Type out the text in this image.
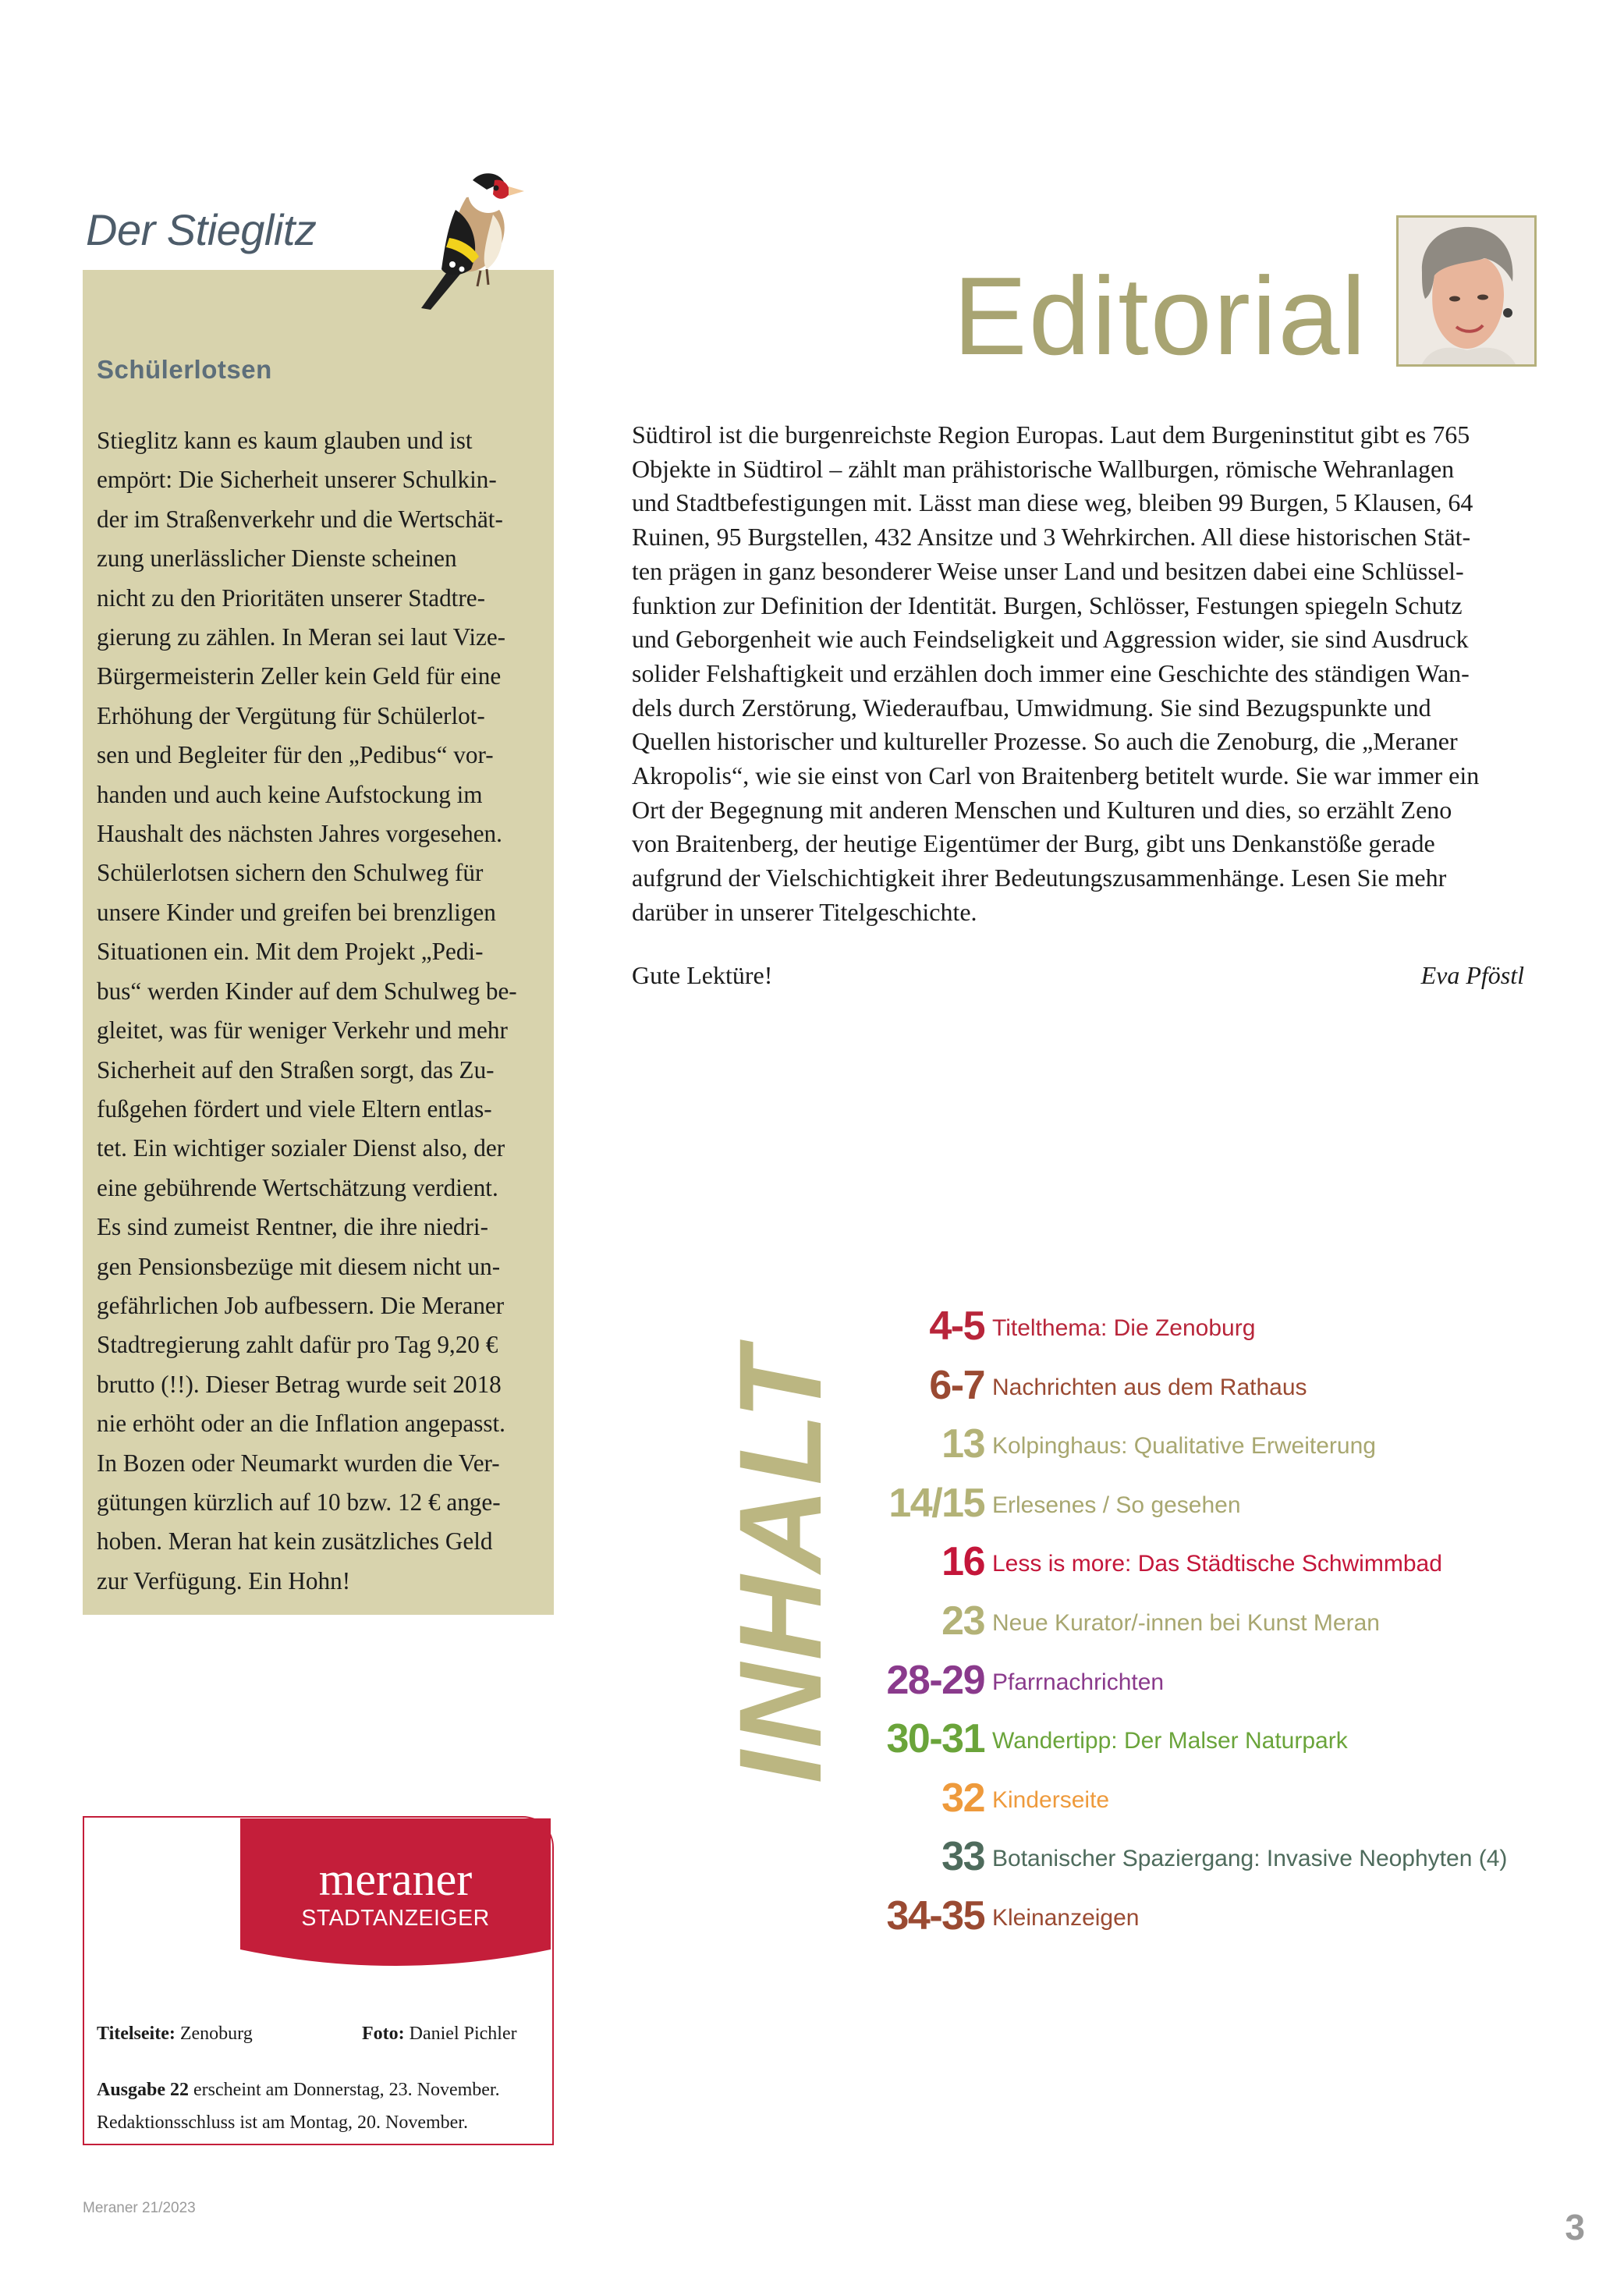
Der Stieglitz
Schülerlotsen
Stieglitz kann es kaum glauben und ist
empört: Die Sicherheit unserer Schulkin-
der im Straßenverkehr und die Wertschät-
zung unerlässlicher Dienste scheinen
nicht zu den Prioritäten unserer Stadtre-
gierung zu zählen. In Meran sei laut Vize-
Bürgermeisterin Zeller kein Geld für eine
Erhöhung der Vergütung für Schülerlot-
sen und Begleiter für den „Pedibus“ vor-
handen und auch keine Aufstockung im
Haushalt des nächsten Jahres vorgesehen.
Schülerlotsen sichern den Schulweg für
unsere Kinder und greifen bei brenzligen
Situationen ein. Mit dem Projekt „Pedi-
bus“ werden Kinder auf dem Schulweg be-
gleitet, was für weniger Verkehr und mehr
Sicherheit auf den Straßen sorgt, das Zu-
fußgehen fördert und viele Eltern entlas-
tet. Ein wichtiger sozialer Dienst also, der
eine gebührende Wertschätzung verdient.
Es sind zumeist Rentner, die ihre niedri-
gen Pensionsbezüge mit diesem nicht un-
gefährlichen Job aufbessern. Die Meraner
Stadtregierung zahlt dafür pro Tag 9,20 €
brutto (!!). Dieser Betrag wurde seit 2018
nie erhöht oder an die Inflation angepasst.
In Bozen oder Neumarkt wurden die Ver-
gütungen kürzlich auf 10 bzw. 12 € ange-
hoben. Meran hat kein zusätzliches Geld
zur Verfügung. Ein Hohn!
Editorial
Südtirol ist die burgenreichste Region Europas. Laut dem Burgeninstitut gibt es 765
Objekte in Südtirol – zählt man prähistorische Wallburgen, römische Wehranlagen
und Stadtbefestigungen mit. Lässt man diese weg, bleiben 99 Burgen, 5 Klausen, 64
Ruinen, 95 Burgstellen, 432 Ansitze und 3 Wehrkirchen. All diese historischen Stät-
ten prägen in ganz besonderer Weise unser Land und besitzen dabei eine Schlüssel-
funktion zur Definition der Identität. Burgen, Schlösser, Festungen spiegeln Schutz
und Geborgenheit wie auch Feindseligkeit und Aggression wider, sie sind Ausdruck
solider Felshaftigkeit und erzählen doch immer eine Geschichte des ständigen Wan-
dels durch Zerstörung, Wiederaufbau, Umwidmung. Sie sind Bezugspunkte und
Quellen historischer und kultureller Prozesse. So auch die Zenoburg, die „Meraner
Akropolis“, wie sie einst von Carl von Braitenberg betitelt wurde. Sie war immer ein
Ort der Begegnung mit anderen Menschen und Kulturen und dies, so erzählt Zeno
von Braitenberg, der heutige Eigentümer der Burg, gibt uns Denkanstöße gerade
aufgrund der Vielschichtigkeit ihrer Bedeutungszusammenhänge. Lesen Sie mehr
darüber in unserer Titelgeschichte.
Gute Lektüre!	Eva Pföstl
INHALT
4-5 Titelthema: Die Zenoburg
6-7 Nachrichten aus dem Rathaus
13 Kolpinghaus: Qualitative Erweiterung
14/15 Erlesenes / So gesehen
16 Less is more: Das Städtische Schwimmbad
23 Neue Kurator/-innen bei Kunst Meran
28-29 Pfarrnachrichten
30-31 Wandertipp: Der Malser Naturpark
32 Kinderseite
33 Botanischer Spaziergang: Invasive Neophyten (4)
34-35 Kleinanzeigen
meraner
STADTANZEIGER
Titelseite: Zenoburg	Foto: Daniel Pichler
Ausgabe 22 erscheint am Donnerstag, 23. November.
Redaktionsschluss ist am Montag, 20. November.
Meraner 21/2023	3
